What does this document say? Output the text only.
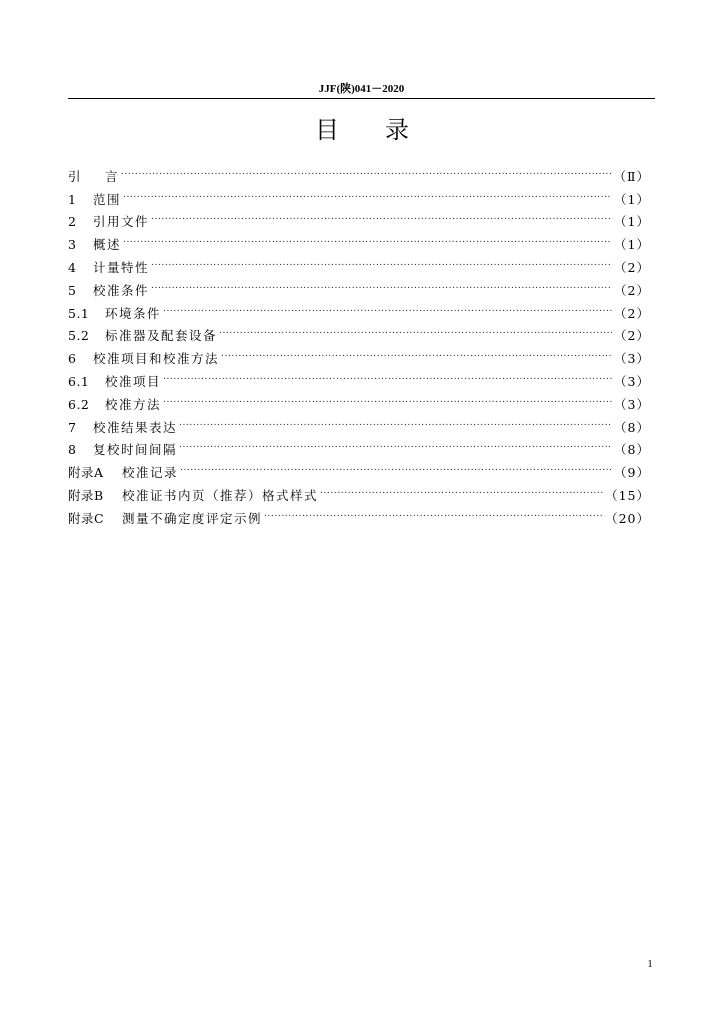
JJF(陕)041－2020
目录
引	言 .....	（Ⅱ）
1	范围 .....	（1）
2	引用文件 .....	（1）
3	概述 .....	（1）
4	计量特性 .....	（2）
5	校准条件 .....	（2）
5.1	环境条件 .....	（2）
5.2	标准器及配套设备 .....	（2）
6	校准项目和校准方法 .....	（3）
6.1	校准项目 .....	（3）
6.2	校准方法 .....	（3）
7	校准结果表达 .....	（8）
8	复校时间间隔 .....	（8）
附录A	校准记录 .....	（9）
附录B	校准证书内页（推荐）格式样式 .....	（15）
附录C	测量不确定度评定示例 .....	（20）
1
